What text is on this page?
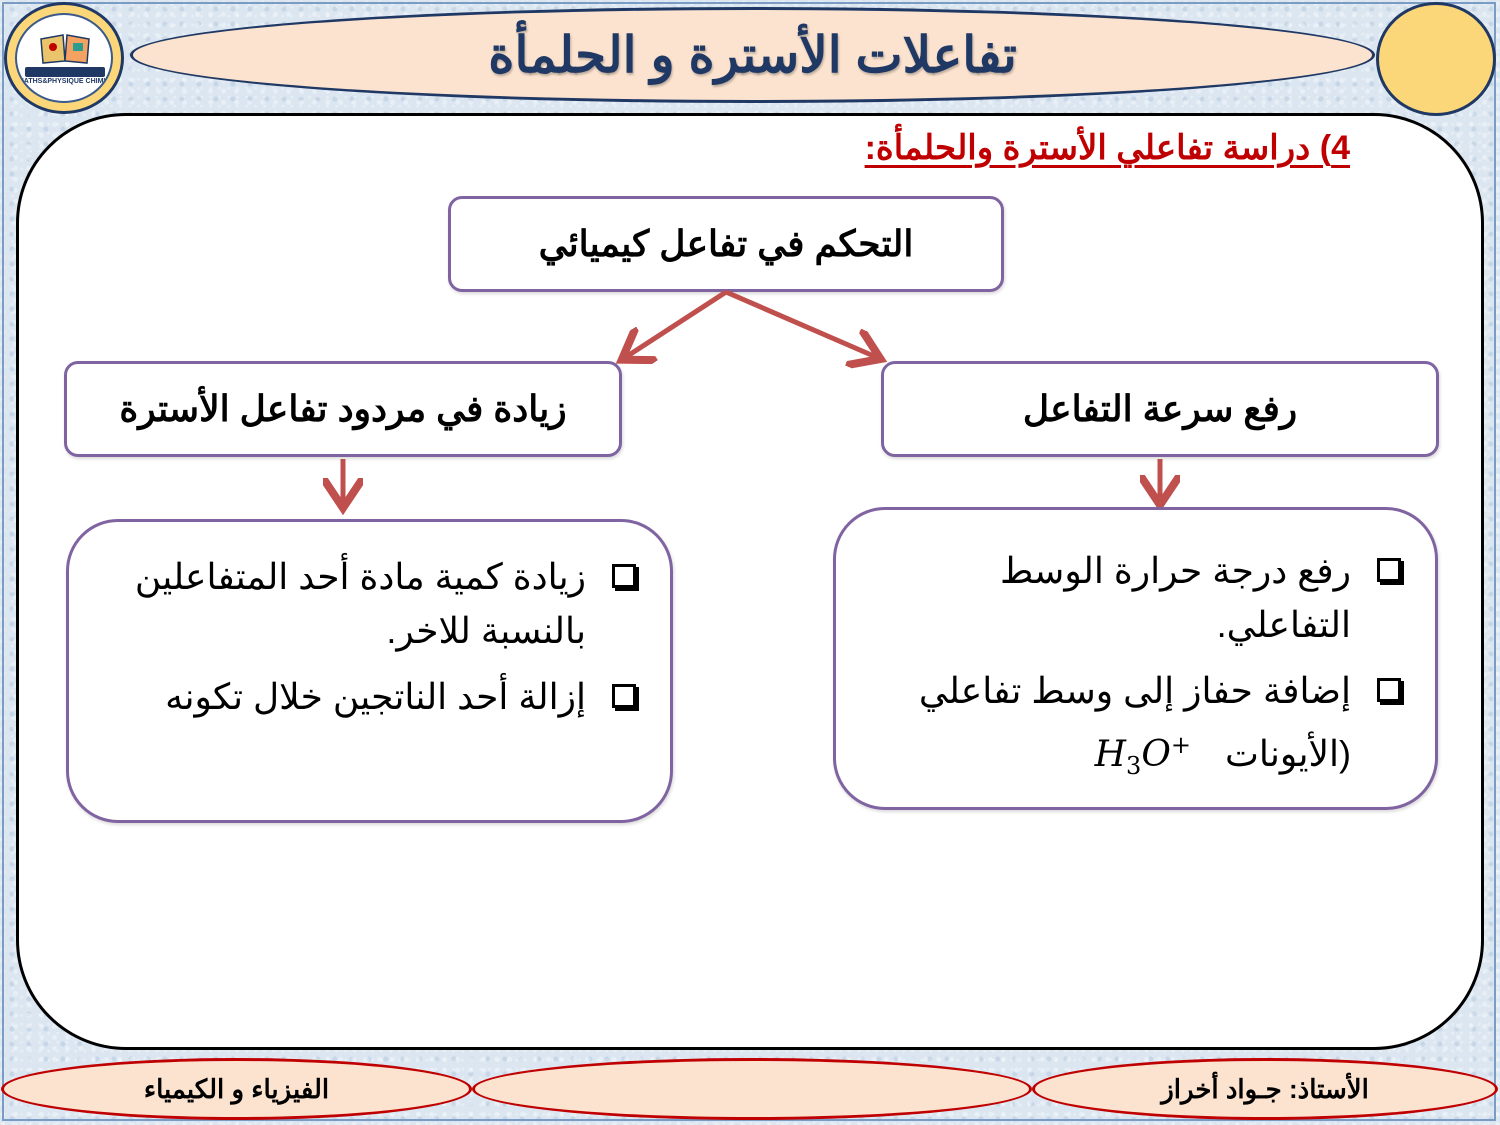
MATHS&PHYSIQUE CHIMIE	تفاعلات الأسترة و الحلمأة
4) دراسة تفاعلي الأسترة والحلمأة:
التحكم في تفاعل كيميائي
زيادة في مردود تفاعل الأسترة	رفع سرعة التفاعل
زيادة كمية مادة أحد المتفاعلين بالنسبة للاخر.
إزالة أحد الناتجين خلال تكونه
رفع درجة حرارة الوسط التفاعلي.
إضافة حفاز إلى وسط تفاعلي (الأيونات $H_3O^+$
الفيزياء و الكيمياء	الأستاذ: جـواد أخراز
